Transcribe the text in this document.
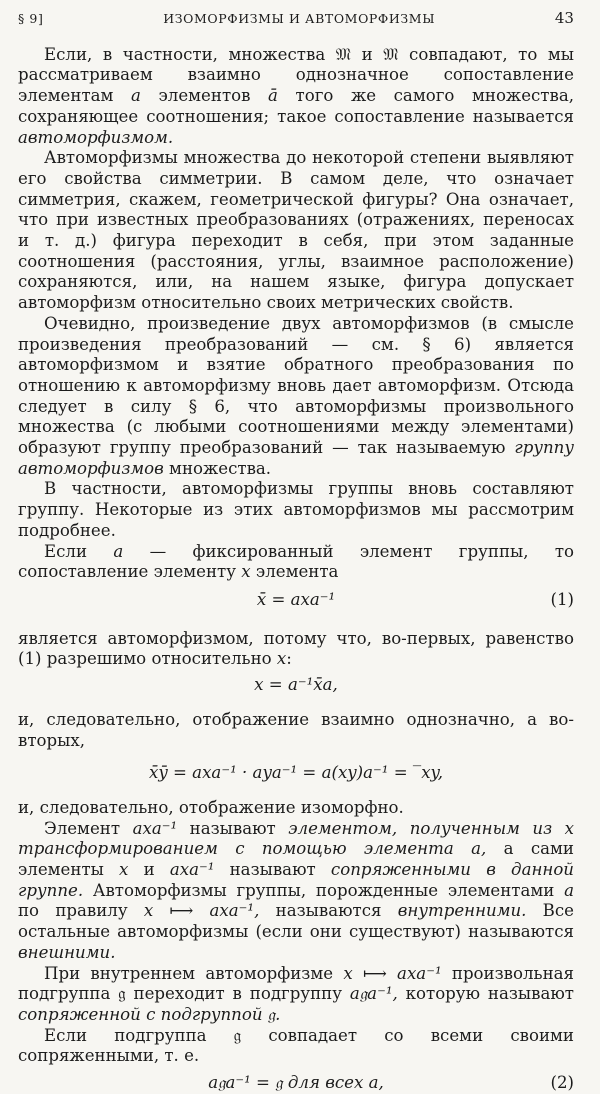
§ 9]	ИЗОМОРФИЗМЫ И АВТОМОРФИЗМЫ	43

Если, в частности, множества 𝔐 и 𝔐 совпадают, то мы рассматриваем взаимно однозначное сопоставление элементам a элементов ā того же самого множества, сохраняющее соотношения; такое сопоставление называется автоморфизмом.

Автоморфизмы множества до некоторой степени выявляют его свойства симметрии. В самом деле, что означает симметрия, скажем, геометрической фигуры? Она означает, что при известных преобразованиях (отражениях, переносах и т. д.) фигура переходит в себя, при этом заданные соотношения (расстояния, углы, взаимное расположение) сохраняются, или, на нашем языке, фигура допускает автоморфизм относительно своих метрических свойств.

Очевидно, произведение двух автоморфизмов (в смысле произведения преобразований — см. § 6) является автоморфизмом и взятие обратного преобразования по отношению к автоморфизму вновь дает автоморфизм. Отсюда следует в силу § 6, что автоморфизмы произвольного множества (с любыми соотношениями между элементами) образуют группу преобразований — так называемую группу автоморфизмов множества.

В частности, автоморфизмы группы вновь составляют группу. Некоторые из этих автоморфизмов мы рассмотрим подробнее.

Если a — фиксированный элемент группы, то сопоставление элементу x элемента

x̄ = axa⁻¹	(1)

является автоморфизмом, потому что, во-первых, равенство (1) разрешимо относительно x:

x = a⁻¹x̄a,

и, следовательно, отображение взаимно однозначно, а во-вторых,

x̄ȳ = axa⁻¹ · aya⁻¹ = a(xy)a⁻¹ = ‾xy,

и, следовательно, отображение изоморфно.

Элемент axa⁻¹ называют элементом, полученным из x трансформированием с помощью элемента a, а сами элементы x и axa⁻¹ называют сопряженными в данной группе. Автоморфизмы группы, порожденные элементами a по правилу x ⟼ axa⁻¹, называются внутренними. Все остальные автоморфизмы (если они существуют) называются внешними.

При внутреннем автоморфизме x ⟼ axa⁻¹ произвольная подгруппа 𝔤 переходит в подгруппу a𝔤a⁻¹, которую называют сопряженной с подгруппой 𝔤.

Если подгруппа 𝔤 совпадает со всеми своими сопряженными, т. е.

a𝔤a⁻¹ = 𝔤 для всех a,	(2)
